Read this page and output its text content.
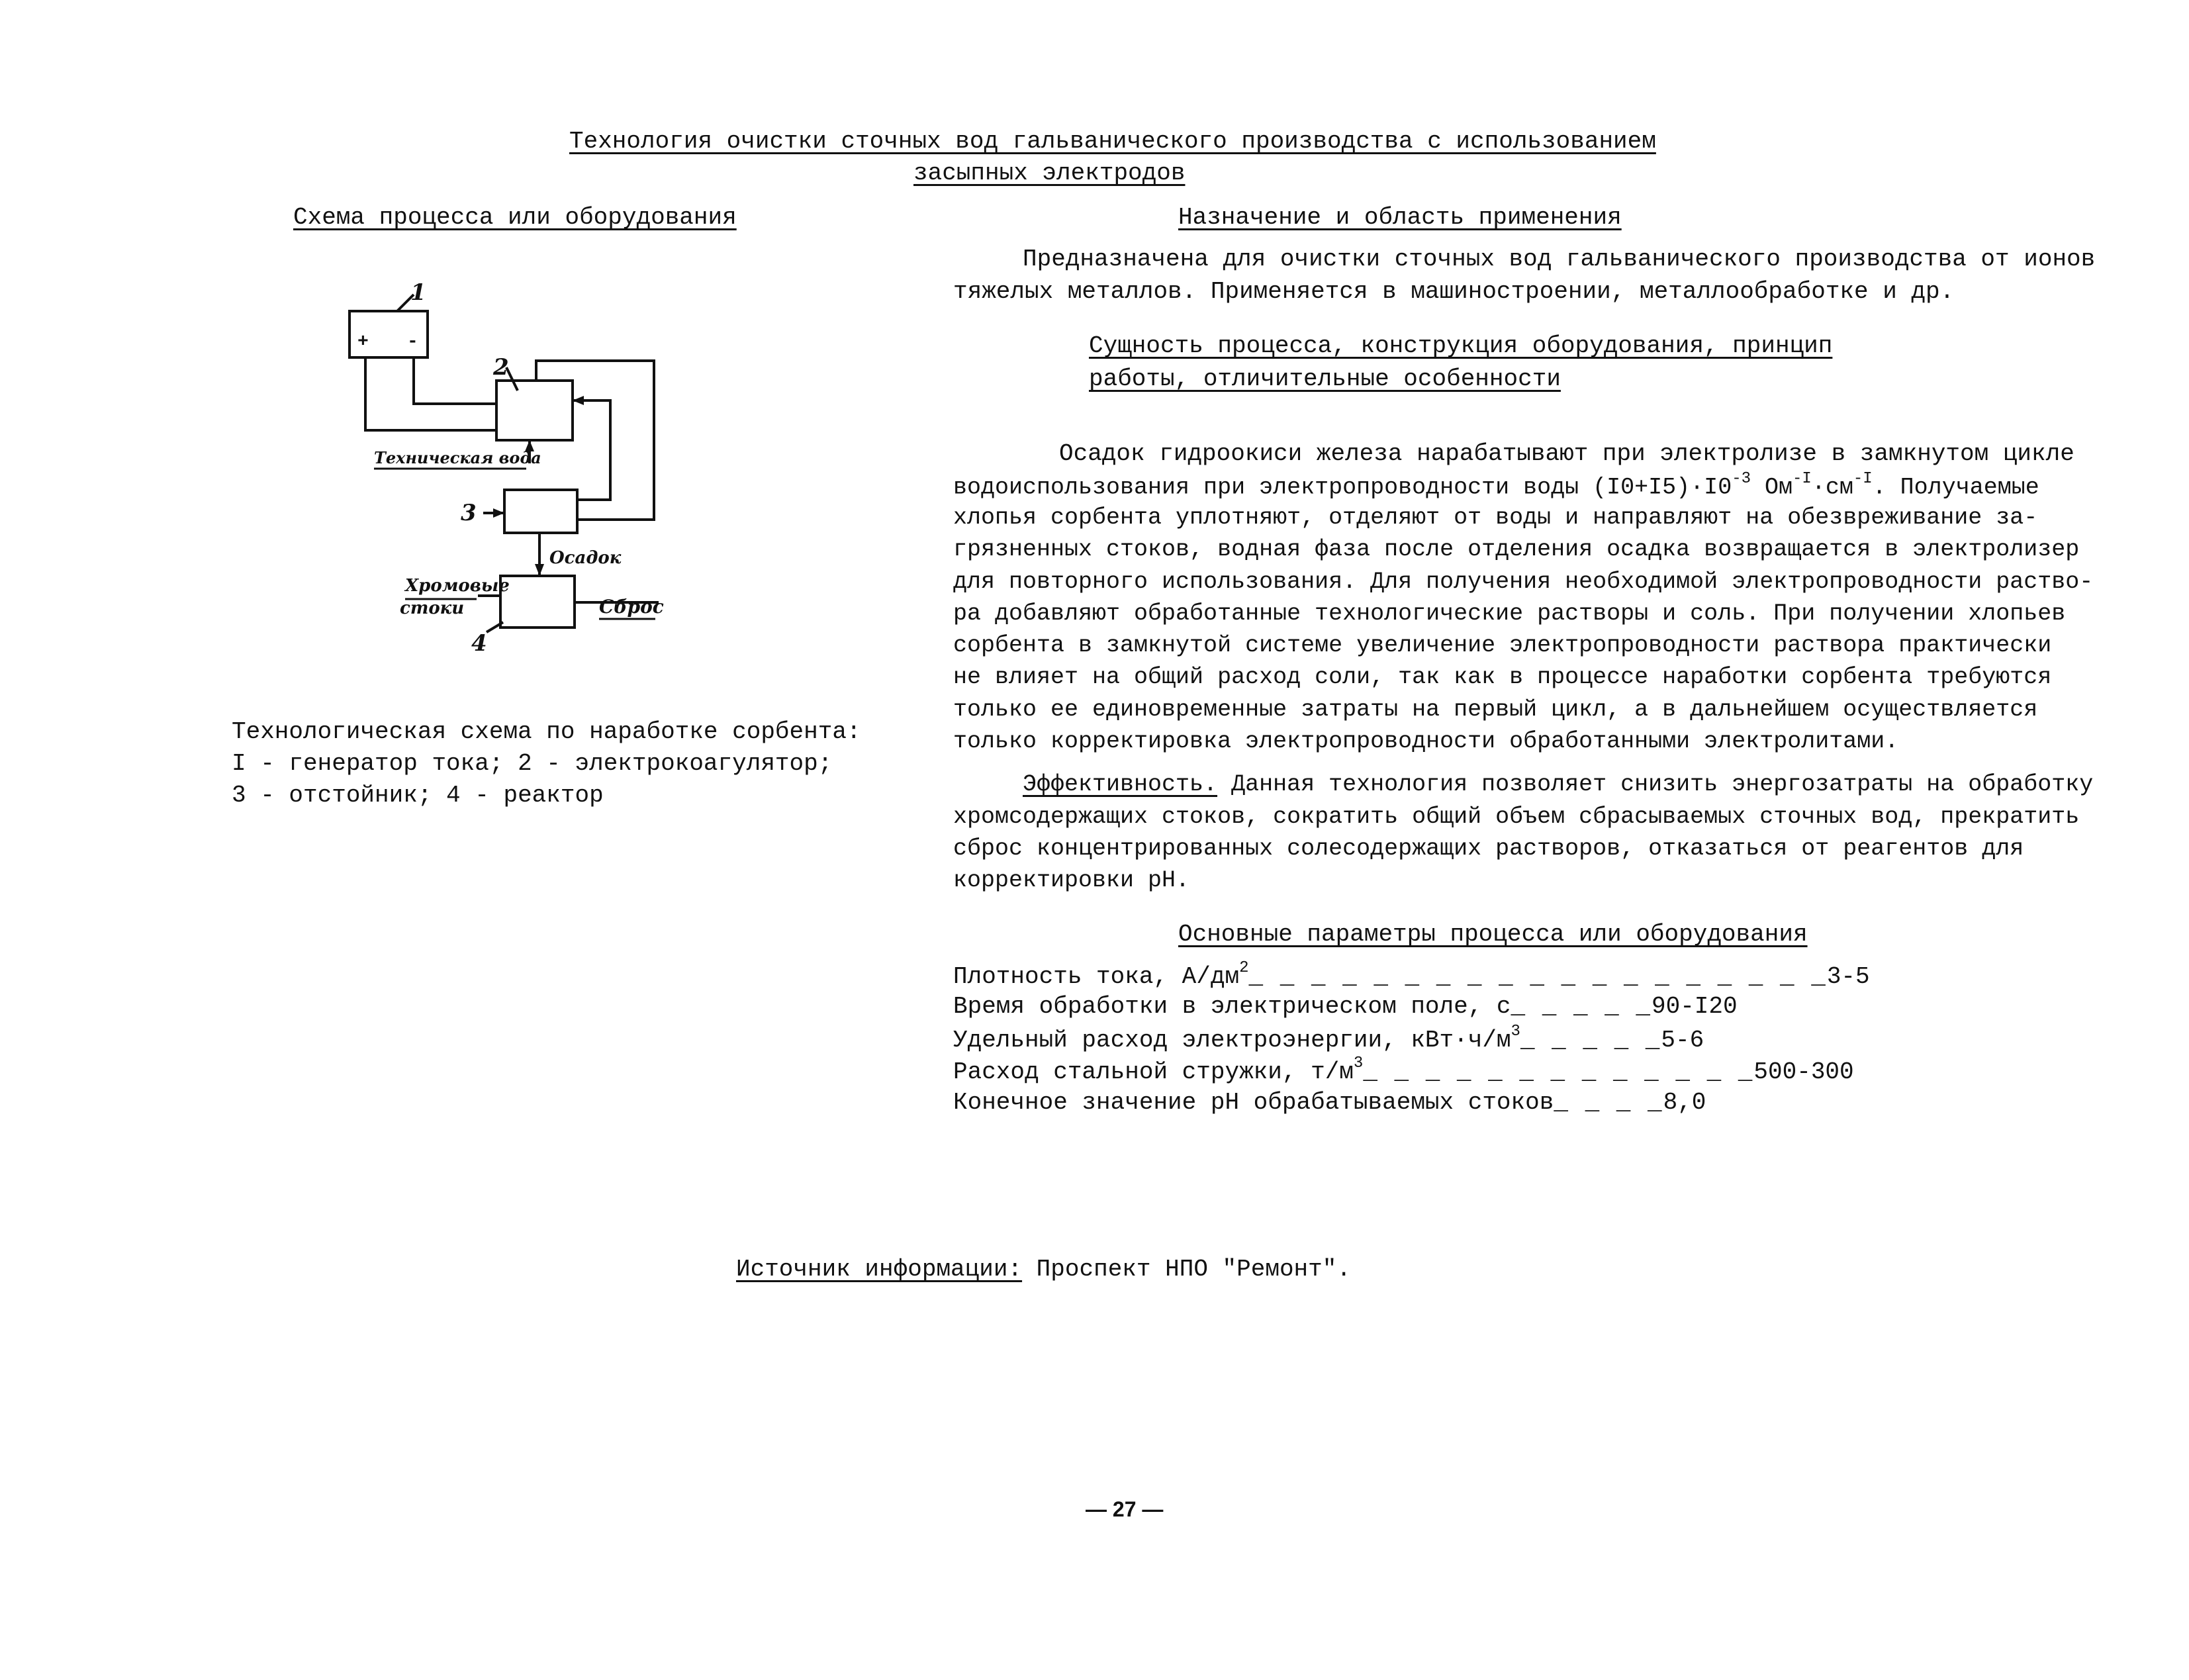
Технология очистки сточных вод гальванического производства с использованием
засыпных электродов
Схема процесса или оборудования
1
+ -
2
Техническая вода
3
Осадок
Хромовые
стоки	Сброс
4
Технологическая схема по наработке сорбента:
I - генератор тока; 2 - электрокоагулятор;
3 - отстойник; 4 - реактор
Назначение и область применения
Предназначена для очистки сточных вод гальванического производства от ионов
тяжелых металлов. Применяется в машиностроении, металлообработке и др.
Сущность процесса, конструкция оборудования, принцип
работы, отличительные особенности
Осадок гидроокиси железа нарабатывают при электролизе в замкнутом цикле
водоиспользования при электропроводности воды $(I0+I5)\cdot I0^{-3}$ $Ом^{-I}\cdot см^{-I}$. Получаемые
хлопья сорбента уплотняют, отделяют от воды и направляют на обезвреживание за-
грязненных стоков, водная фаза после отделения осадка возвращается в электролизер
для повторного использования. Для получения необходимой электропроводности раство-
ра добавляют обработанные технологические растворы и соль. При получении хлопьев
сорбента в замкнутой системе увеличение электропроводности раствора практически
не влияет на общий расход соли, так как в процессе наработки сорбента требуются
только ее единовременные затраты на первый цикл, а в дальнейшем осуществляется
только корректировка электропроводности обработанными электролитами.
Эффективность. Данная технология позволяет снизить энергозатраты на обработку
хромсодержащих стоков, сократить общий объем сбрасываемых сточных вод, прекратить
сброс концентрированных солесодержащих растворов, отказаться от реагентов для
корректировки рН.
Основные параметры процесса или оборудования
Плотность тока, $А/дм^2\_$ _ _ _ _ _ _ _ _ _ _ _ _ _ _ _ _ _ _3-5
Время обработки в электрическом поле, с_ _ _ _ _90-I20
Удельный расход электроэнергии, $кВт\cdot ч/м^3\_$ _ _ _ _5-6
Расход стальной стружки, $т/м^3\_$ _ _ _ _ _ _ _ _ _ _ _ _500-300
Конечное значение рН обрабатываемых стоков_ _ _ _8,0
Источник информации: Проспект НПО "Ремонт".
— 27 —
